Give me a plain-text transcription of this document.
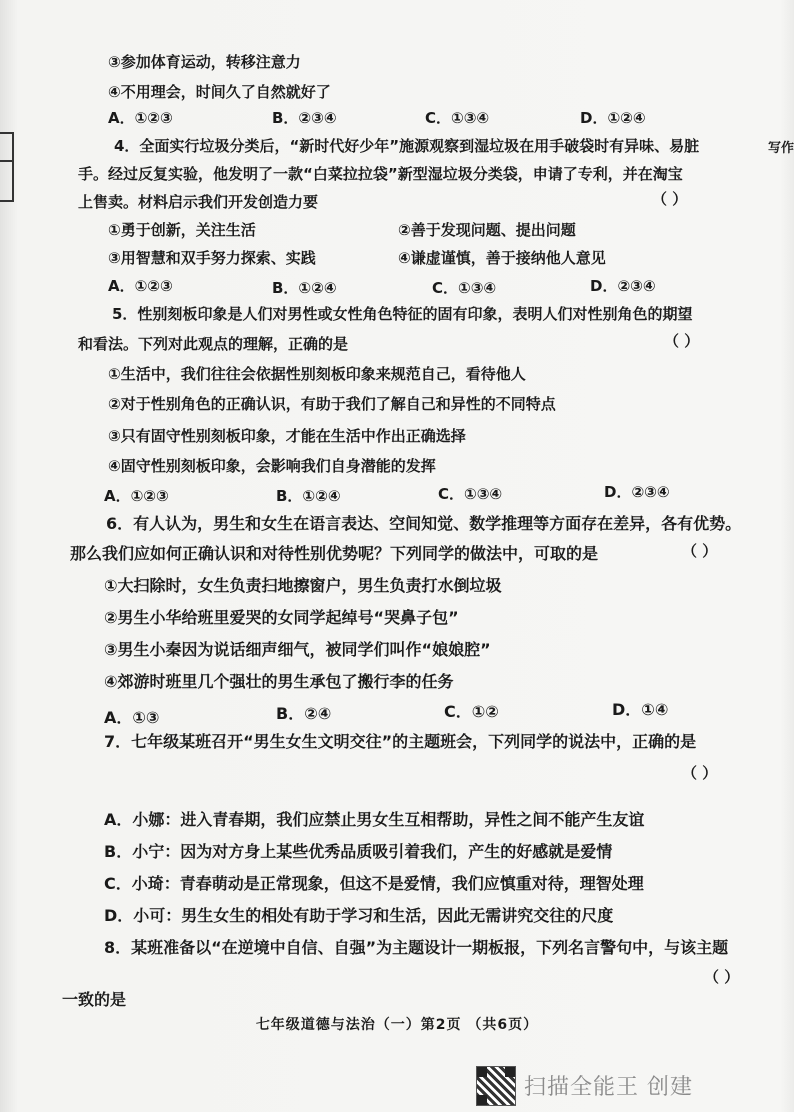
写作
③参加体育运动，转移注意力
④不用理会，时间久了自然就好了
A．①②③	B．②③④	C．①③④	D．①②④
4．全面实行垃圾分类后，“新时代好少年”施源观察到湿垃圾在用手破袋时有异味、易脏
手。经过反复实验，他发明了一款“白菜拉拉袋”新型湿垃圾分类袋，申请了专利，并在淘宝
上售卖。材料启示我们开发创造力要	（ ）
①勇于创新，关注生活	②善于发现问题、提出问题
③用智慧和双手努力探索、实践	④谦虚谨慎，善于接纳他人意见
A．①②③	B．①②④	C．①③④	D．②③④
5．性别刻板印象是人们对男性或女性角色特征的固有印象，表明人们对性别角色的期望
和看法。下列对此观点的理解，正确的是	（ ）
①生活中，我们往往会依据性别刻板印象来规范自己，看待他人
②对于性别角色的正确认识，有助于我们了解自己和异性的不同特点
③只有固守性别刻板印象，才能在生活中作出正确选择
④固守性别刻板印象，会影响我们自身潜能的发挥
A．①②③	B．①②④	C．①③④	D．②③④
6．有人认为，男生和女生在语言表达、空间知觉、数学推理等方面存在差异，各有优势。
那么我们应如何正确认识和对待性别优势呢？下列同学的做法中，可取的是	（ ）
①大扫除时，女生负责扫地擦窗户，男生负责打水倒垃圾
②男生小华给班里爱哭的女同学起绰号“哭鼻子包”
③男生小秦因为说话细声细气，被同学们叫作“娘娘腔”
④郊游时班里几个强壮的男生承包了搬行李的任务
A．①③	B．②④	C．①②	D．①④
7．七年级某班召开“男生女生文明交往”的主题班会，下列同学的说法中，正确的是
（ ）
A．小娜：进入青春期，我们应禁止男女生互相帮助，异性之间不能产生友谊
B．小宁：因为对方身上某些优秀品质吸引着我们，产生的好感就是爱情
C．小琦：青春萌动是正常现象，但这不是爱情，我们应慎重对待，理智处理
D．小可：男生女生的相处有助于学习和生活，因此无需讲究交往的尺度
8．某班准备以“在逆境中自信、自强”为主题设计一期板报，下列名言警句中，与该主题
（ ）
一致的是
七年级道德与法治（一）第2页 （共6页）
扫描全能王 创建
